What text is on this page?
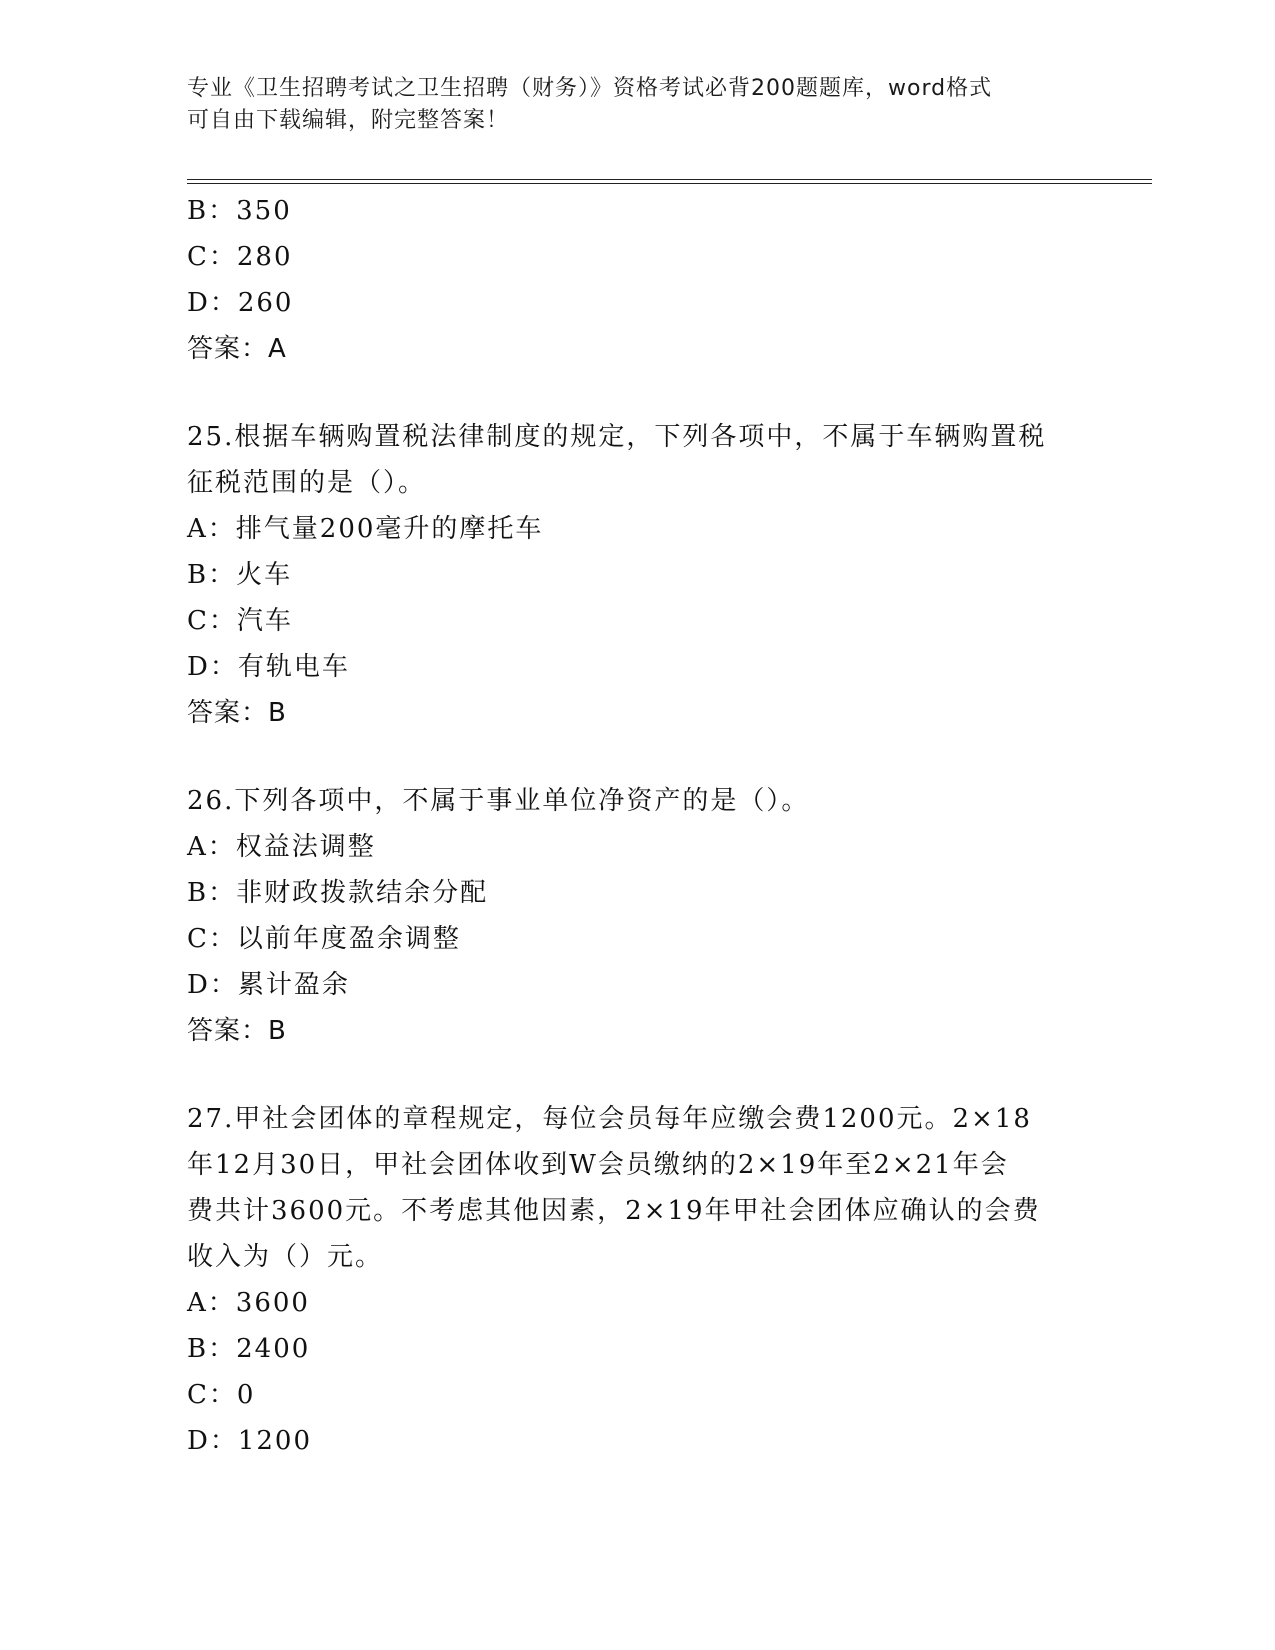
专业《卫生招聘考试之卫生招聘（财务）》资格考试必背200题题库，word格式
可自由下载编辑，附完整答案！
B：350
C：280
D：260
答案：A
25.根据车辆购置税法律制度的规定，下列各项中，不属于车辆购置税
征税范围的是（）。
A：排气量200毫升的摩托车
B：火车
C：汽车
D：有轨电车
答案：B
26.下列各项中，不属于事业单位净资产的是（）。
A：权益法调整
B：非财政拨款结余分配
C：以前年度盈余调整
D：累计盈余
答案：B
27.甲社会团体的章程规定，每位会员每年应缴会费1200元。2×18
年12月30日，甲社会团体收到W会员缴纳的2×19年至2×21年会
费共计3600元。不考虑其他因素，2×19年甲社会团体应确认的会费
收入为（）元。
A：3600
B：2400
C：0
D：1200
